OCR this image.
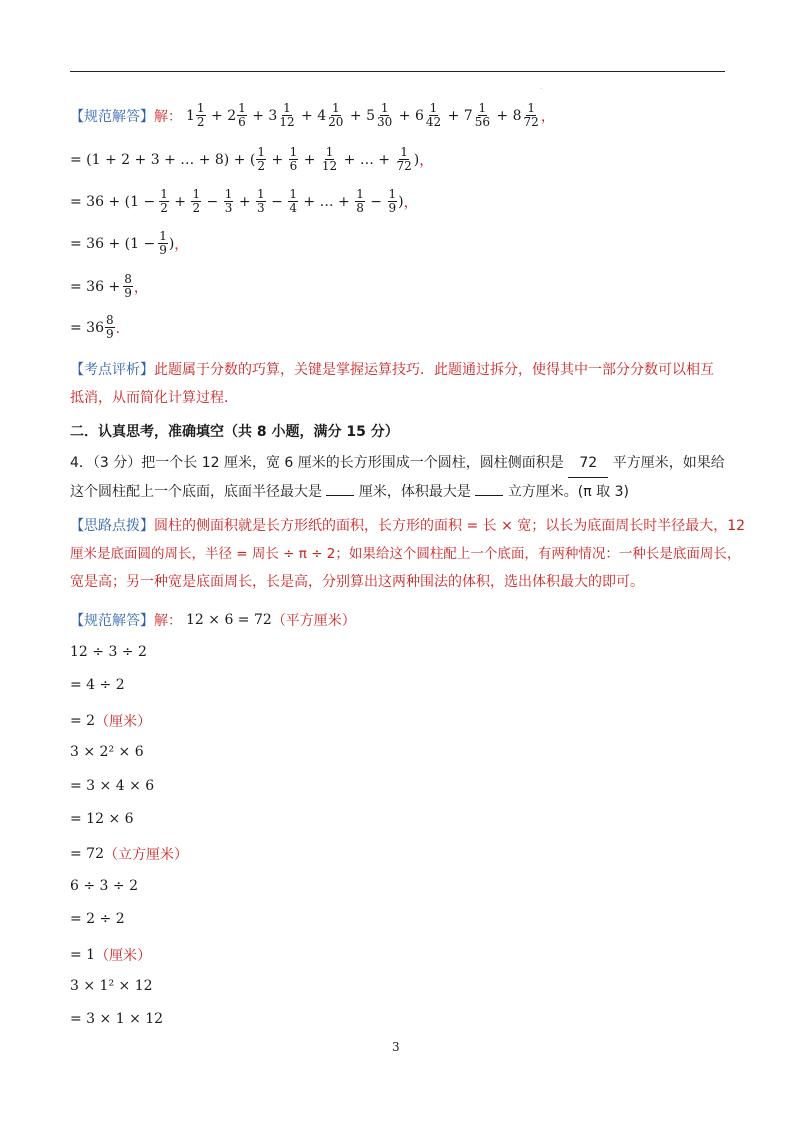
.
【规范解答】 解： $1 \frac{1}{2} + 2 \frac{1}{6} + 3 \frac{1}{12} + 4 \frac{1}{20} + 5 \frac{1}{30} + 6 \frac{1}{42} + 7 \frac{1}{56} + 8 \frac{1}{72}$ ，
= (1 + 2 + 3 + … + 8) + ( $\frac{1}{2} + \frac{1}{6} + \frac{1}{12}$ + … + $\frac{1}{72}$ ) ，
= $36 + (1 - \frac{1}{2} + \frac{1}{2} - \frac{1}{3} + \frac{1}{3} - \frac{1}{4}$ + … + $\frac{1}{8} - \frac{1}{9}$ ) ，
= $36 + (1 - \frac{1}{9}$ ) ，
= $36 + \frac{8}{9}$ ，
= $36 \frac{8}{9}$ ．
【考点评析】此题属于分数的巧算，关键是掌握运算技巧．此题通过拆分，使得其中一部分分数可以相互
抵消，从而简化计算过程．
二．认真思考，准确填空（共 8 小题，满分 15 分）
4．（3 分）把一个长 12 厘米，宽 6 厘米的长方形围成一个圆柱，圆柱侧面积是 72 平方厘米，如果给
这个圆柱配上一个底面，底面半径最大是	厘米，体积最大是	立方厘米。(π 取 3)
【思路点拨】圆柱的侧面积就是长方形纸的面积，长方形的面积 = 长 × 宽；以长为底面周长时半径最大，12
厘米是底面圆的周长，半径 = 周长 ÷ π ÷ 2；如果给这个圆柱配上一个底面，有两种情况：一种长是底面周长，
宽是高；另一种宽是底面周长，长是高，分别算出这两种围法的体积，选出体积最大的即可。
【规范解答】 解： 12 × 6 = 72 （平方厘米）
12 ÷ 3 ÷ 2
= 4 ÷ 2
= 2 （厘米）
3 × 2² × 6
= 3 × 4 × 6
= 12 × 6
= 72 （立方厘米）
6 ÷ 3 ÷ 2
= 2 ÷ 2
= 1 （厘米）
3 × 1² × 12
= 3 × 1 × 12
3
